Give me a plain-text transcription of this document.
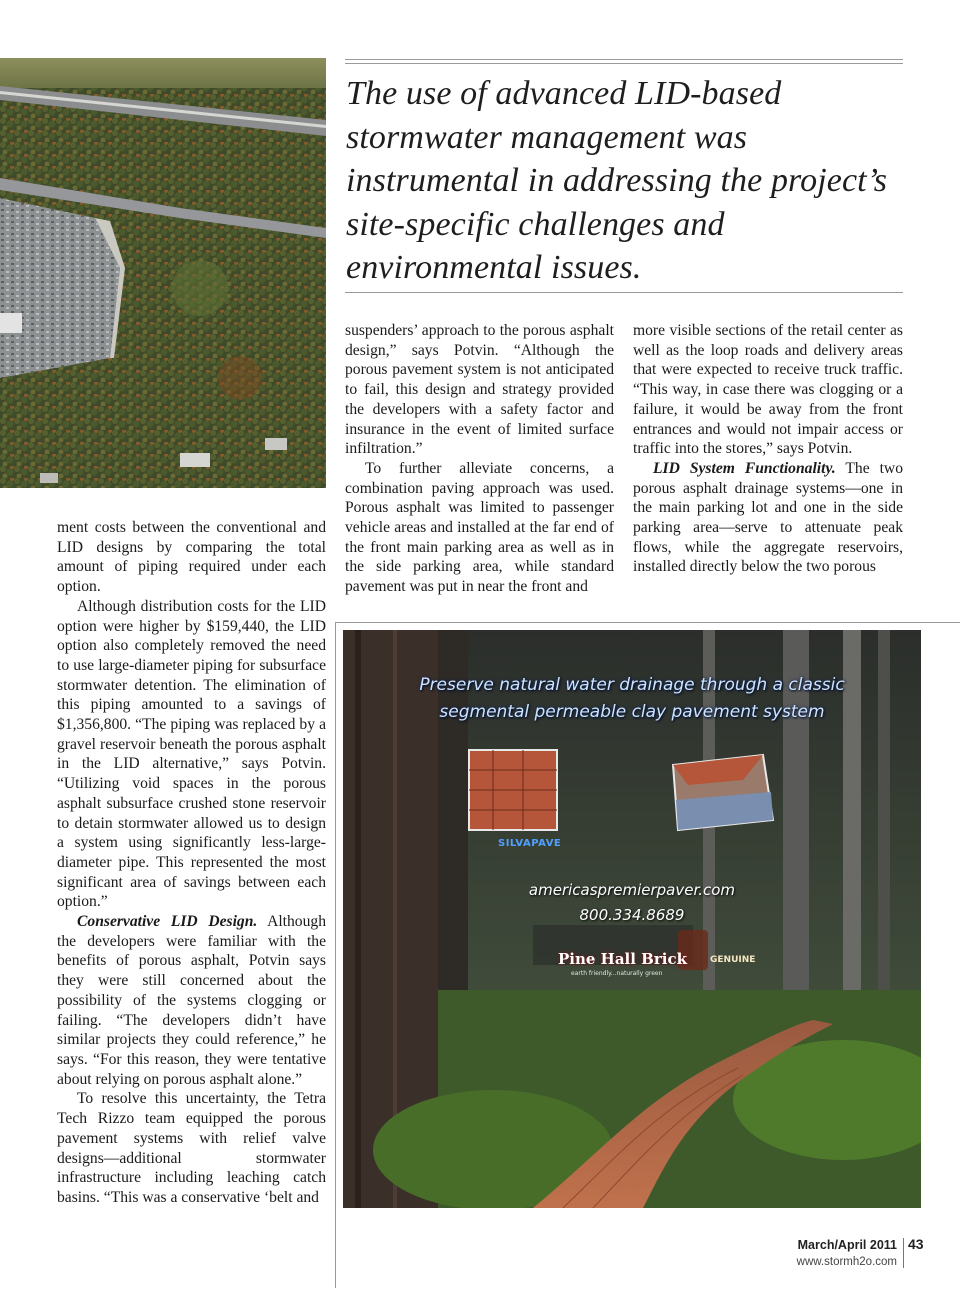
The use of advanced LID-based stormwater management was instrumental in addressing the project’s site-specific challenges and environmental issues.

ment costs between the conventional and LID designs by comparing the total amount of piping required under each option.

Although distribution costs for the LID option were higher by $159,440, the LID option also completely removed the need to use large-diameter piping for subsurface stormwater detention. The elimination of this piping amounted to a savings of $1,356,800. “The piping was replaced by a gravel reservoir beneath the porous asphalt in the LID alternative,” says Potvin. “Utilizing void spaces in the porous asphalt subsurface crushed stone reservoir to detain stormwater allowed us to design a system using significantly less-large-diameter pipe. This represented the most significant area of savings between each option.”

Conservative LID Design. Although the developers were familiar with the benefits of porous asphalt, Potvin says they were still concerned about the possibility of the systems clogging or failing. “The developers didn’t have similar projects they could reference,” he says. “For this reason, they were tentative about relying on porous asphalt alone.”

To resolve this uncertainty, the Tetra Tech Rizzo team equipped the porous pavement systems with relief valve designs—additional stormwater infrastructure including leaching catch basins. “This was a conservative ‘belt and

suspenders’ approach to the porous asphalt design,” says Potvin. “Although the porous pavement system is not anticipated to fail, this design and strategy provided the developers with a safety factor and insurance in the event of limited surface infiltration.”

To further alleviate concerns, a combination paving approach was used. Porous asphalt was limited to passenger vehicle areas and installed at the far end of the front main parking area as well as in the side parking area, while standard pavement was put in near the front and

more visible sections of the retail center as well as the loop roads and delivery areas that were expected to receive truck traffic. “This way, in case there was clogging or a failure, it would be away from the front entrances and would not impair access or traffic into the stores,” says Potvin.

LID System Functionality. The two porous asphalt drainage systems—one in the main parking lot and one in the side parking area—serve to attenuate peak flows, while the aggregate reservoirs, installed directly below the two porous

Preserve natural water drainage through a classic
segmental permeable clay pavement system
SILVAPAVE
americaspremierpaver.com
800.334.8689
Pine Hall Brick
earth friendly...naturally green
GENUINE
March/April 2011
www.stormh2o.com
43
